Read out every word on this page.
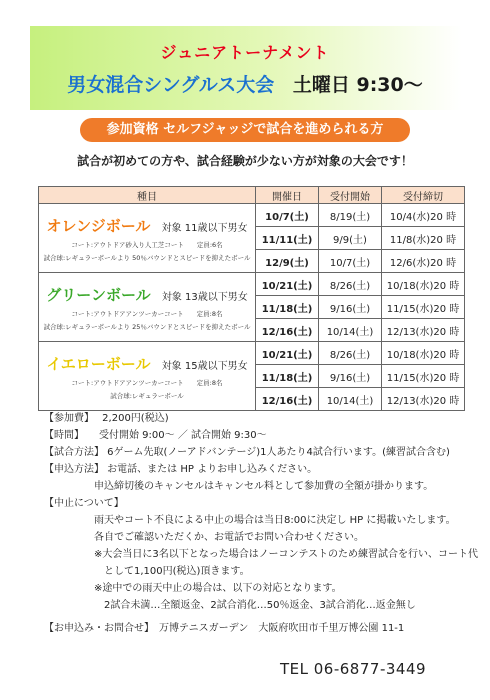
ジュニアトーナメント
男女混合シングルス大会 土曜日 9:30～
参加資格 セルフジャッジで試合を進められる方
試合が初めての方や、試合経験が少ない方が対象の大会です！
種目	開催日	受付開始	受付締切

オレンジボール 対象 11歳以下男女
コート:アウトドア砂入り人工芝コート　　定員:6名
試合球:レギュラーボールより 50％バウンドとスピードを抑えたボール	10/7(土)	8/19(土)	10/4(水)20 時
	11/11(土)	9/9(土)	11/8(水)20 時
	12/9(土)	10/7(土)	12/6(水)20 時

グリーンボール 対象 13歳以下男女
コート:アウトドアアンツーカーコート　　定員:8名
試合球:レギュラーボールより 25％バウンドとスピードを抑えたボール	10/21(土)	8/26(土)	10/18(水)20 時
	11/18(土)	9/16(土)	11/15(水)20 時
	12/16(土)	10/14(土)	12/13(水)20 時

イエローボール 対象 15歳以下男女
コート:アウトドアアンツーカーコート　　定員:8名
試合球:レギュラーボール	10/21(土)	8/26(土)	10/18(水)20 時
	11/18(土)	9/16(土)	11/15(水)20 時
	12/16(土)	10/14(土)	12/13(水)20 時
【参加費】　 2,200円(税込)
【時間】　　受付開始 9:00～ ／ 試合開始 9:30～
【試合方法】 6ゲーム先取(ノーアドバンテージ)1人あたり4試合行います。(練習試合含む)
【申込方法】 お電話、または HP よりお申し込みください。
申込締切後のキャンセルはキャンセル料として参加費の全額が掛かります。
【中止について】
雨天やコート不良による中止の場合は当日8:00に決定し HP に掲載いたします。
各自でご確認いただくか、お電話でお問い合わせください。
※大会当日に3名以下となった場合はノーコンテストのため練習試合を行い、コート代
として1,100円(税込)頂きます。
※途中での雨天中止の場合は、以下の対応となります。
2試合未満…全額返金、2試合消化…50％返金、3試合消化…返金無し
【お申込み・お問合せ】　万博テニスガーデン　大阪府吹田市千里万博公園 11-1
TEL 06-6877-3449
